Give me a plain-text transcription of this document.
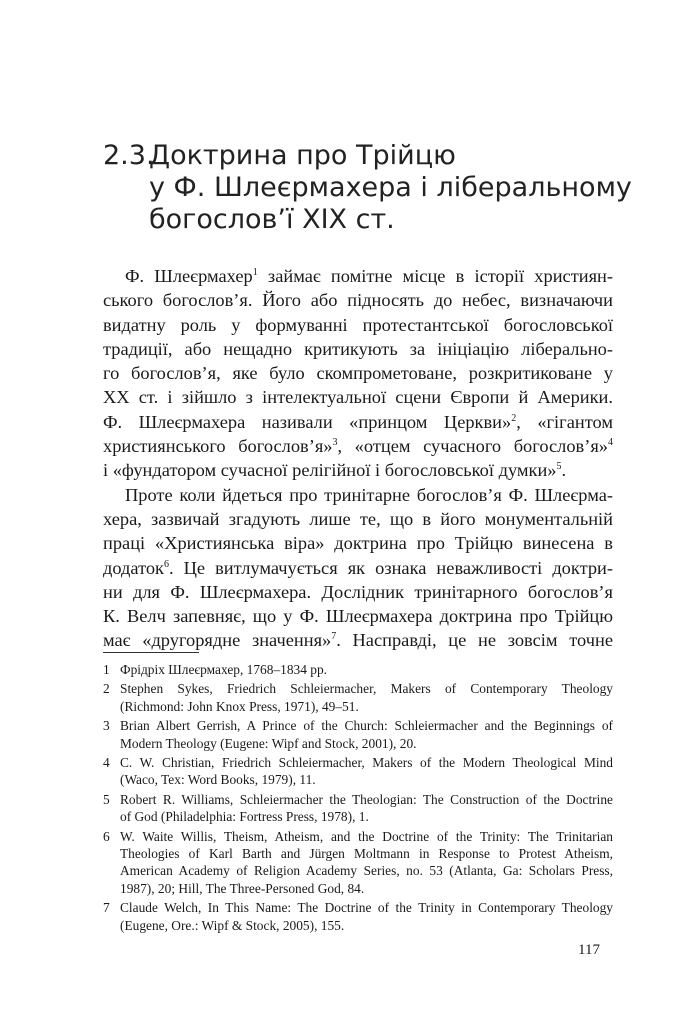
2.3.Доктрина про Трійцю
у Ф. Шлеєрмахера і ліберальному
богослов’ї XIX ст.
Ф. Шлеєрмахер$^1$ займає помітне місце в історії християн-
ського богослов’я. Його або підносять до небес, визначаючи
видатну роль у формуванні протестантської богословської
традиції, або нещадно критикують за ініціацію ліберально-
го богослов’я, яке було скомпрометоване, розкритиковане у
XX ст. і зійшло з інтелектуальної сцени Європи й Америки.
Ф. Шлеєрмахера називали «принцом Церкви»$^2$, «гігантом
християнського богослов’я»$^3$, «отцем сучасного богослов’я»$^4$
і «фундатором сучасної релігійної і богословської думки»$^5$.
Проте коли йдеться про тринітарне богослов’я Ф. Шлеєрма-
хера, зазвичай згадують лише те, що в його монументальній
праці «Християнська віра» доктрина про Трійцю винесена в
додаток$^6$. Це витлумачується як ознака неважливості доктри-
ни для Ф. Шлеєрмахера. Дослідник тринітарного богослов’я
К. Велч запевняє, що у Ф. Шлеєрмахера доктрина про Трійцю
має «другорядне значення»$^7$. Насправді, це не зовсім точне
1 Фрідріх Шлеєрмахер, 1768–1834 рр.
2 Stephen Sykes, Friedrich Schleiermacher, Makers of Contemporary Theology
(Richmond: John Knox Press, 1971), 49–51.
3 Brian Albert Gerrish, A Prince of the Church: Schleiermacher and the Beginnings of
Modern Theology (Eugene: Wipf and Stock, 2001), 20.
4 C. W. Christian, Friedrich Schleiermacher, Makers of the Modern Theological Mind
(Waco, Tex: Word Books, 1979), 11.
5 Robert R. Williams, Schleiermacher the Theologian: The Construction of the Doctrine
of God (Philadelphia: Fortress Press, 1978), 1.
6 W. Waite Willis, Theism, Atheism, and the Doctrine of the Trinity: The Trinitarian
Theologies of Karl Barth and Jürgen Moltmann in Response to Protest Atheism,
American Academy of Religion Academy Series, no. 53 (Atlanta, Ga: Scholars Press,
1987), 20; Hill, The Three-Personed God, 84.
7 Claude Welch, In This Name: The Doctrine of the Trinity in Contemporary Theology
(Eugene, Ore.: Wipf & Stock, 2005), 155.
117
